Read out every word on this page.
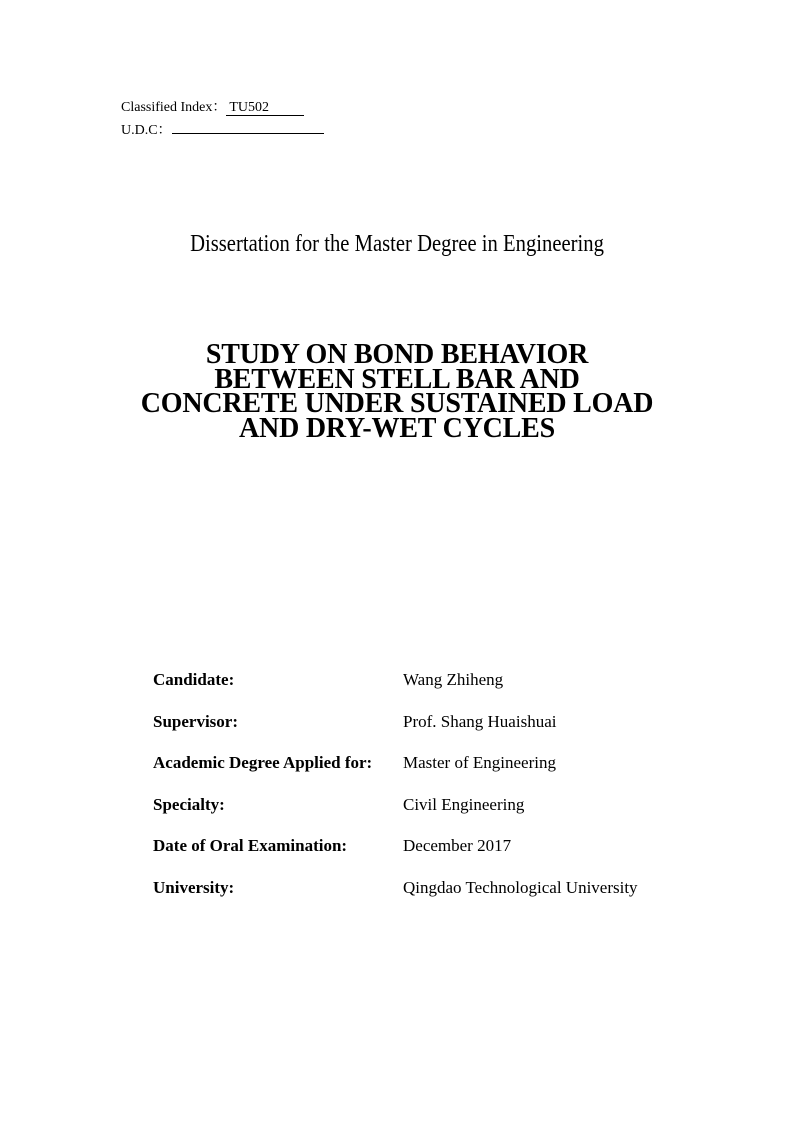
Classified Index： TU502
U.D.C：
Dissertation for the Master Degree in Engineering
STUDY ON BOND BEHAVIOR
BETWEEN STELL BAR AND
CONCRETE UNDER SUSTAINED LOAD
AND DRY-WET CYCLES
Candidate:	Wang Zhiheng
Supervisor:	Prof. Shang Huaishuai
Academic Degree Applied for: Master of Engineering
Specialty:	Civil Engineering
Date of Oral Examination:	December 2017
University:	Qingdao Technological University
